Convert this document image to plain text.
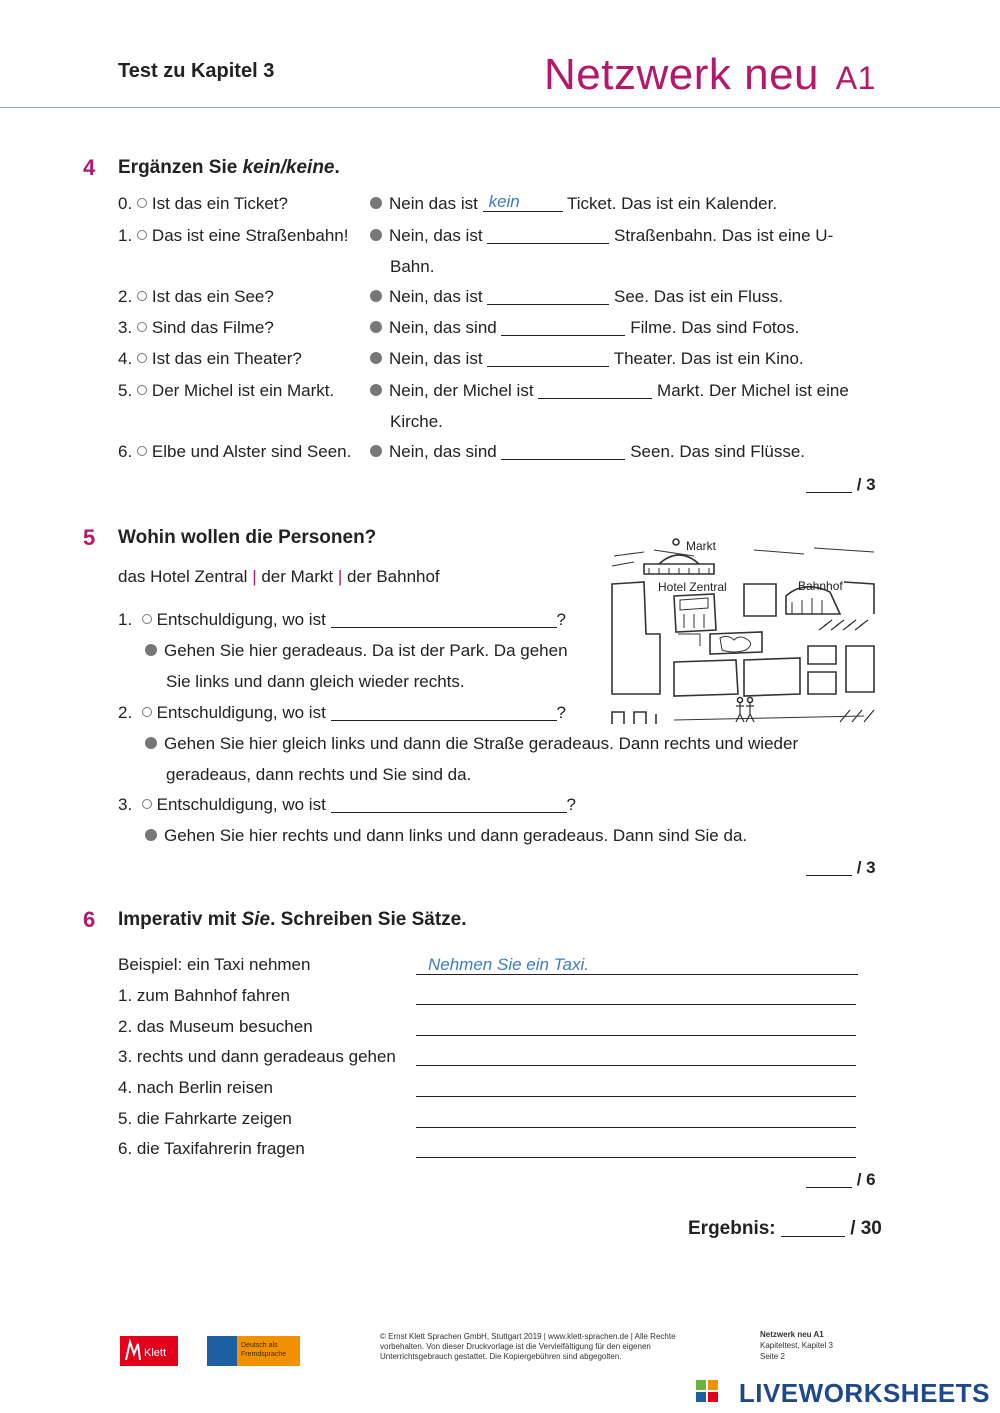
Test zu Kapitel 3	Netzwerk neu A1
4 Ergänzen Sie kein/keine.
0. Ist das ein Ticket?	Nein das ist kein	Ticket. Das ist ein Kalender.
1. Das ist eine Straßenbahn!	Nein, das ist	Straßenbahn. Das ist eine U-
Bahn.
2. Ist das ein See?	Nein, das ist	See. Das ist ein Fluss.
3. Sind das Filme?	Nein, das sind	Filme. Das sind Fotos.
4. Ist das ein Theater?	Nein, das ist	Theater. Das ist ein Kino.
5. Der Michel ist ein Markt.	Nein, der Michel ist	Markt. Der Michel ist eine
Kirche.
6. Elbe und Alster sind Seen.	Nein, das sind	Seen. Das sind Flüsse.
/ 3
5 Wohin wollen die Personen?
das Hotel Zentral | der Markt | der Bahnhof
1. Entschuldigung, wo ist	?
Gehen Sie hier geradeaus. Da ist der Park. Da gehen
Sie links und dann gleich wieder rechts.
2. Entschuldigung, wo ist	?
Gehen Sie hier gleich links und dann die Straße geradeaus. Dann rechts und wieder
geradeaus, dann rechts und Sie sind da.
3. Entschuldigung, wo ist	?
Gehen Sie hier rechts und dann links und dann geradeaus. Dann sind Sie da.
Markt
Hotel Zentral	Bahnhof
/ 3
6 Imperativ mit Sie. Schreiben Sie Sätze.
Beispiel: ein Taxi nehmen	Nehmen Sie ein Taxi.
1. zum Bahnhof fahren
2. das Museum besuchen
3. rechts und dann geradeaus gehen
4. nach Berlin reisen
5. die Fahrkarte zeigen
6. die Taxifahrerin fragen
/ 6
Ergebnis:	/ 30
Klett
Deutsch als Fremdsprache
© Ernst Klett Sprachen GmbH, Stuttgart 2019 | www.klett-sprachen.de | Alle Rechte vorbehalten. Von dieser Druckvorlage ist die Vervielfältigung für den eigenen Unterrichtsgebrauch gestattet. Die Kopiergebühren sind abgegolten.
Netzwerk neu A1
Kapiteltest, Kapitel 3
Seite 2
LIVEWORKSHEETS
